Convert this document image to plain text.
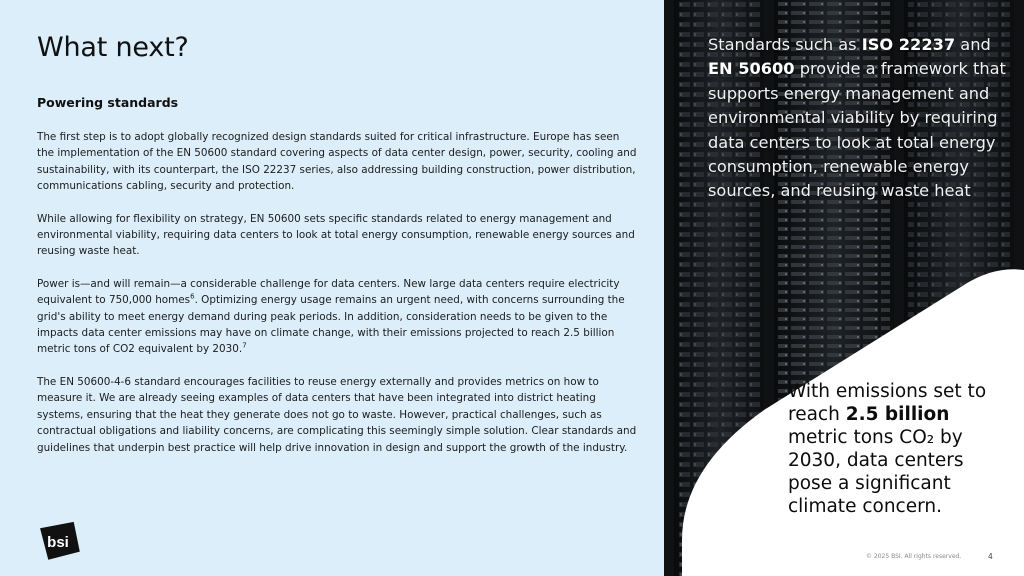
What next?
Powering standards

The first step is to adopt globally recognized design standards suited for critical infrastructure. Europe has seen the implementation of the EN 50600 standard covering aspects of data center design, power, security, cooling and sustainability, with its counterpart, the ISO 22237 series, also addressing building construction, power distribution, communications cabling, security and protection.

While allowing for flexibility on strategy, EN 50600 sets specific standards related to energy management and environmental viability, requiring data centers to look at total energy consumption, renewable energy sources and reusing waste heat.

Power is—and will remain—a considerable challenge for data centers. New large data centers require electricity equivalent to 750,000 homes$^6$. Optimizing energy usage remains an urgent need, with concerns surrounding the grid's ability to meet energy demand during peak periods. In addition, consideration needs to be given to the impacts data center emissions may have on climate change, with their emissions projected to reach 2.5 billion metric tons of CO2 equivalent by 2030.$^7$

The EN 50600-4-6 standard encourages facilities to reuse energy externally and provides metrics on how to measure it. We are already seeing examples of data centers that have been integrated into district heating systems, ensuring that the heat they generate does not go to waste. However, practical challenges, such as contractual obligations and liability concerns, are complicating this seemingly simple solution. Clear standards and guidelines that underpin best practice will help drive innovation in design and support the growth of the industry.

bsi
Standards such as ISO 22237 and EN 50600 provide a framework that supports energy management and environmental viability by requiring data centers to look at total energy consumption, renewable energy sources, and reusing waste heat
With emissions set to reach 2.5 billion metric tons CO₂ by 2030, data centers pose a significant climate concern.
© 2025 BSI. All rights reserved.	4
